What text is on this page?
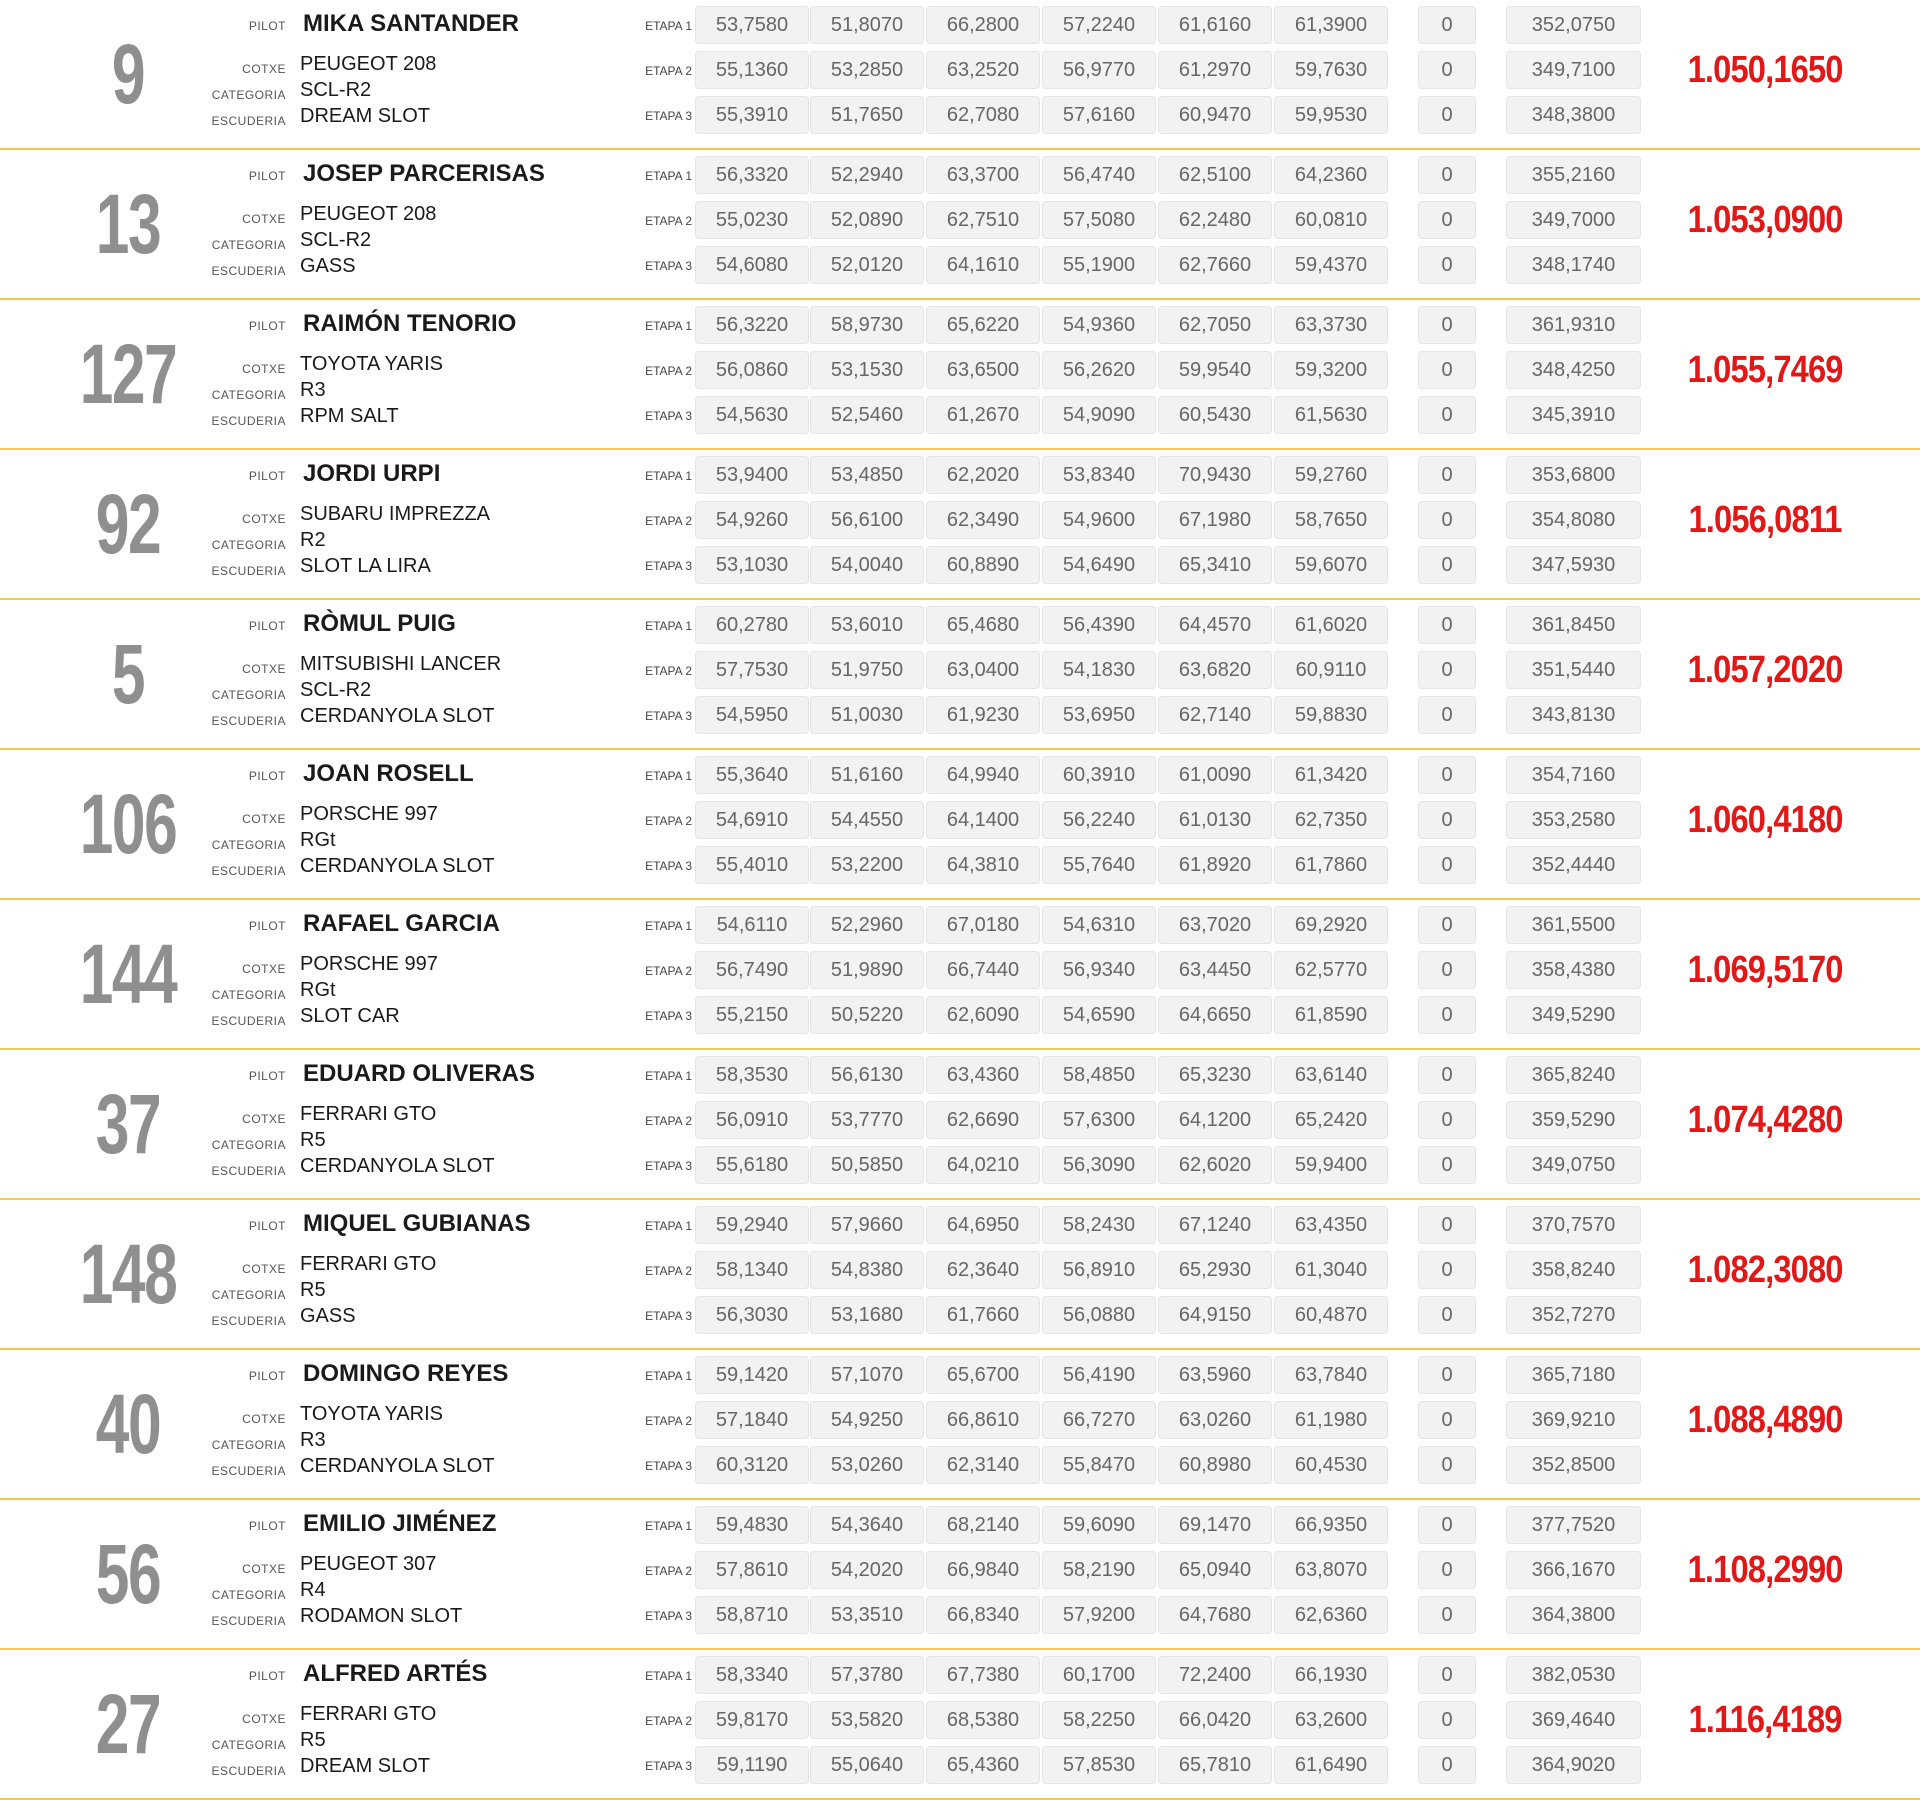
9
PILOT MIKA SANTANDER
COTXE PEUGEOT 208
CATEGORIA SCL-R2
ESCUDERIA DREAM SLOT
ETAPA 1	53,7580	51,8070	66,2800	57,2240	61,6160	61,3900	0	352,0750
ETAPA 2	55,1360	53,2850	63,2520	56,9770	61,2970	59,7630	0	349,7100
ETAPA 3	55,3910	51,7650	62,7080	57,6160	60,9470	59,9530	0	348,3800
1.050,1650
13
PILOT JOSEP PARCERISAS
COTXE PEUGEOT 208
CATEGORIA SCL-R2
ESCUDERIA GASS
ETAPA 1	56,3320	52,2940	63,3700	56,4740	62,5100	64,2360	0	355,2160
ETAPA 2	55,0230	52,0890	62,7510	57,5080	62,2480	60,0810	0	349,7000
ETAPA 3	54,6080	52,0120	64,1610	55,1900	62,7660	59,4370	0	348,1740
1.053,0900
127
PILOT RAIMÓN TENORIO
COTXE TOYOTA YARIS
CATEGORIA R3
ESCUDERIA RPM SALT
ETAPA 1	56,3220	58,9730	65,6220	54,9360	62,7050	63,3730	0	361,9310
ETAPA 2	56,0860	53,1530	63,6500	56,2620	59,9540	59,3200	0	348,4250
ETAPA 3	54,5630	52,5460	61,2670	54,9090	60,5430	61,5630	0	345,3910
1.055,7469
92
PILOT JORDI URPI
COTXE SUBARU IMPREZZA
CATEGORIA R2
ESCUDERIA SLOT LA LIRA
ETAPA 1	53,9400	53,4850	62,2020	53,8340	70,9430	59,2760	0	353,6800
ETAPA 2	54,9260	56,6100	62,3490	54,9600	67,1980	58,7650	0	354,8080
ETAPA 3	53,1030	54,0040	60,8890	54,6490	65,3410	59,6070	0	347,5930
1.056,0811
5
PILOT RÒMUL PUIG
COTXE MITSUBISHI LANCER
CATEGORIA SCL-R2
ESCUDERIA CERDANYOLA SLOT
ETAPA 1	60,2780	53,6010	65,4680	56,4390	64,4570	61,6020	0	361,8450
ETAPA 2	57,7530	51,9750	63,0400	54,1830	63,6820	60,9110	0	351,5440
ETAPA 3	54,5950	51,0030	61,9230	53,6950	62,7140	59,8830	0	343,8130
1.057,2020
106
PILOT JOAN ROSELL
COTXE PORSCHE 997
CATEGORIA RGt
ESCUDERIA CERDANYOLA SLOT
ETAPA 1	55,3640	51,6160	64,9940	60,3910	61,0090	61,3420	0	354,7160
ETAPA 2	54,6910	54,4550	64,1400	56,2240	61,0130	62,7350	0	353,2580
ETAPA 3	55,4010	53,2200	64,3810	55,7640	61,8920	61,7860	0	352,4440
1.060,4180
144
PILOT RAFAEL GARCIA
COTXE PORSCHE 997
CATEGORIA RGt
ESCUDERIA SLOT CAR
ETAPA 1	54,6110	52,2960	67,0180	54,6310	63,7020	69,2920	0	361,5500
ETAPA 2	56,7490	51,9890	66,7440	56,9340	63,4450	62,5770	0	358,4380
ETAPA 3	55,2150	50,5220	62,6090	54,6590	64,6650	61,8590	0	349,5290
1.069,5170
37
PILOT EDUARD OLIVERAS
COTXE FERRARI GTO
CATEGORIA R5
ESCUDERIA CERDANYOLA SLOT
ETAPA 1	58,3530	56,6130	63,4360	58,4850	65,3230	63,6140	0	365,8240
ETAPA 2	56,0910	53,7770	62,6690	57,6300	64,1200	65,2420	0	359,5290
ETAPA 3	55,6180	50,5850	64,0210	56,3090	62,6020	59,9400	0	349,0750
1.074,4280
148
PILOT MIQUEL GUBIANAS
COTXE FERRARI GTO
CATEGORIA R5
ESCUDERIA GASS
ETAPA 1	59,2940	57,9660	64,6950	58,2430	67,1240	63,4350	0	370,7570
ETAPA 2	58,1340	54,8380	62,3640	56,8910	65,2930	61,3040	0	358,8240
ETAPA 3	56,3030	53,1680	61,7660	56,0880	64,9150	60,4870	0	352,7270
1.082,3080
40
PILOT DOMINGO REYES
COTXE TOYOTA YARIS
CATEGORIA R3
ESCUDERIA CERDANYOLA SLOT
ETAPA 1	59,1420	57,1070	65,6700	56,4190	63,5960	63,7840	0	365,7180
ETAPA 2	57,1840	54,9250	66,8610	66,7270	63,0260	61,1980	0	369,9210
ETAPA 3	60,3120	53,0260	62,3140	55,8470	60,8980	60,4530	0	352,8500
1.088,4890
56
PILOT EMILIO JIMÉNEZ
COTXE PEUGEOT 307
CATEGORIA R4
ESCUDERIA RODAMON SLOT
ETAPA 1	59,4830	54,3640	68,2140	59,6090	69,1470	66,9350	0	377,7520
ETAPA 2	57,8610	54,2020	66,9840	58,2190	65,0940	63,8070	0	366,1670
ETAPA 3	58,8710	53,3510	66,8340	57,9200	64,7680	62,6360	0	364,3800
1.108,2990
27
PILOT ALFRED ARTÉS
COTXE FERRARI GTO
CATEGORIA R5
ESCUDERIA DREAM SLOT
ETAPA 1	58,3340	57,3780	67,7380	60,1700	72,2400	66,1930	0	382,0530
ETAPA 2	59,8170	53,5820	68,5380	58,2250	66,0420	63,2600	0	369,4640
ETAPA 3	59,1190	55,0640	65,4360	57,8530	65,7810	61,6490	0	364,9020
1.116,4189
